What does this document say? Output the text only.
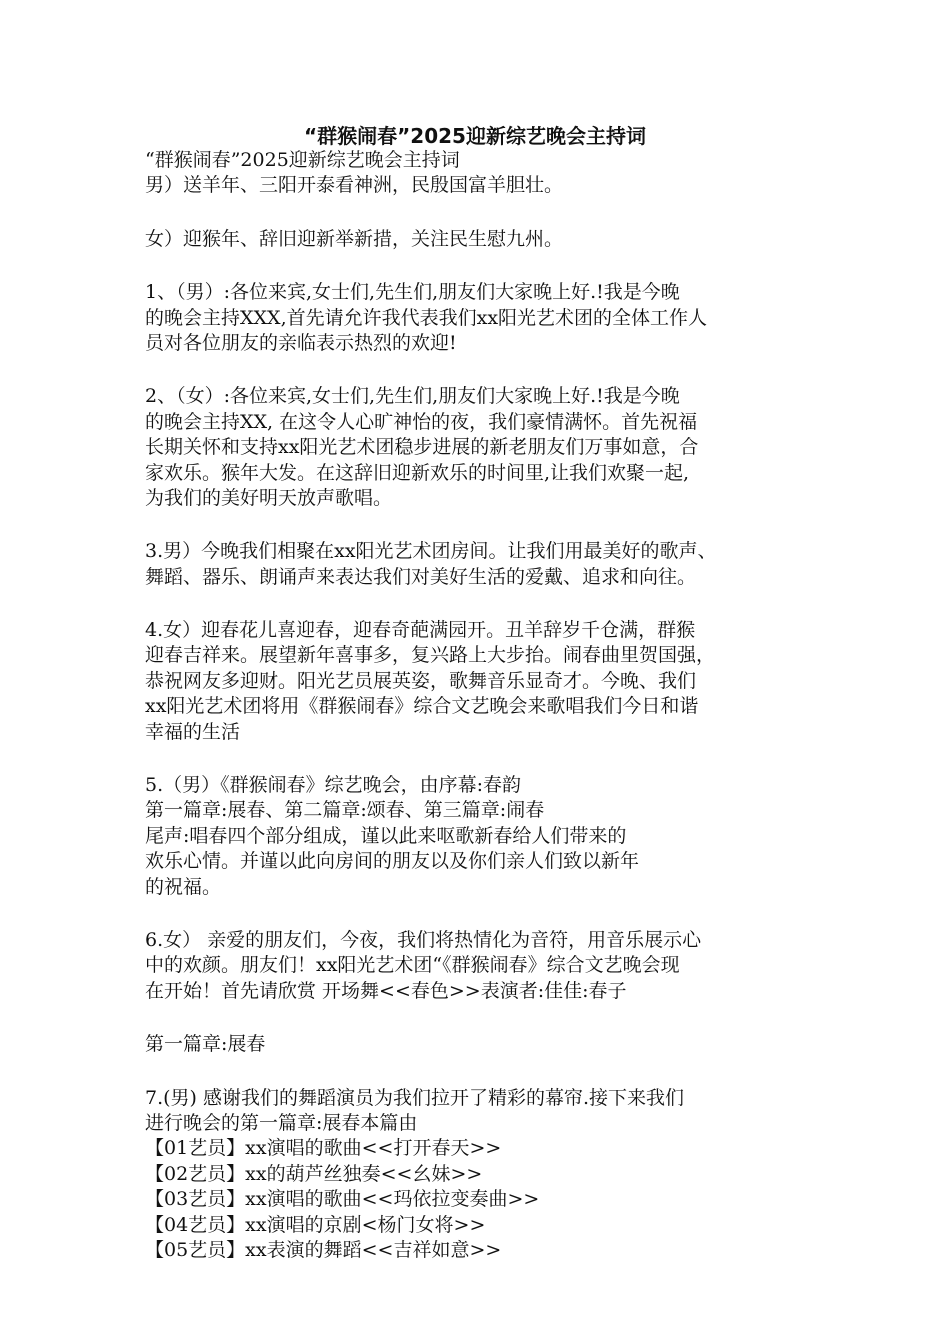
“群猴闹春”2025迎新综艺晚会主持词
“群猴闹春”2025迎新综艺晚会主持词
男）送羊年、三阳开泰看神洲，民殷国富羊胆壮。
女）迎猴年、辞旧迎新举新措，关注民生慰九州。
1、（男）:各位来宾,女士们,先生们,朋友们大家晚上好.!我是今晚
的晚会主持XXX,首先请允许我代表我们xx阳光艺术团的全体工作人
员对各位朋友的亲临表示热烈的欢迎!
2、（女）:各位来宾,女士们,先生们,朋友们大家晚上好.!我是今晚
的晚会主持XX, 在这令人心旷神怡的夜，我们豪情满怀。首先祝福
长期关怀和支持xx阳光艺术团稳步进展的新老朋友们万事如意，合
家欢乐。猴年大发。在这辞旧迎新欢乐的时间里,让我们欢聚一起,
为我们的美好明天放声歌唱。
3.男）今晚我们相聚在xx阳光艺术团房间。让我们用最美好的歌声、
舞蹈、器乐、朗诵声来表达我们对美好生活的爱戴、追求和向往。
4.女）迎春花儿喜迎春，迎春奇葩满园开。丑羊辞岁千仓满，群猴
迎春吉祥来。展望新年喜事多，复兴路上大步抬。闹春曲里贺国强，
恭祝网友多迎财。阳光艺员展英姿，歌舞音乐显奇才。今晚、我们
xx阳光艺术团将用《群猴闹春》综合文艺晚会来歌唱我们今日和谐
幸福的生活
5.（男）《群猴闹春》综艺晚会，由序幕:春韵
第一篇章:展春、第二篇章:颂春、第三篇章:闹春
尾声:唱春四个部分组成，谨以此来呕歌新春给人们带来的
欢乐心情。并谨以此向房间的朋友以及你们亲人们致以新年
的祝福。
6.女） 亲爱的朋友们，今夜，我们将热情化为音符，用音乐展示心
中的欢颜。朋友们！xx阳光艺术团“《群猴闹春》综合文艺晚会现
在开始！首先请欣赏 开场舞<<春色>>表演者:佳佳:春子
第一篇章:展春
7.(男) 感谢我们的舞蹈演员为我们拉开了精彩的幕帘.接下来我们
进行晚会的第一篇章:展春本篇由
【01艺员】xx演唱的歌曲<<打开春天>>
【02艺员】xx的葫芦丝独奏<<幺妹>>
【03艺员】xx演唱的歌曲<<玛依拉变奏曲>>
【04艺员】xx演唱的京剧<杨门女将>>
【05艺员】xx表演的舞蹈<<吉祥如意>>
